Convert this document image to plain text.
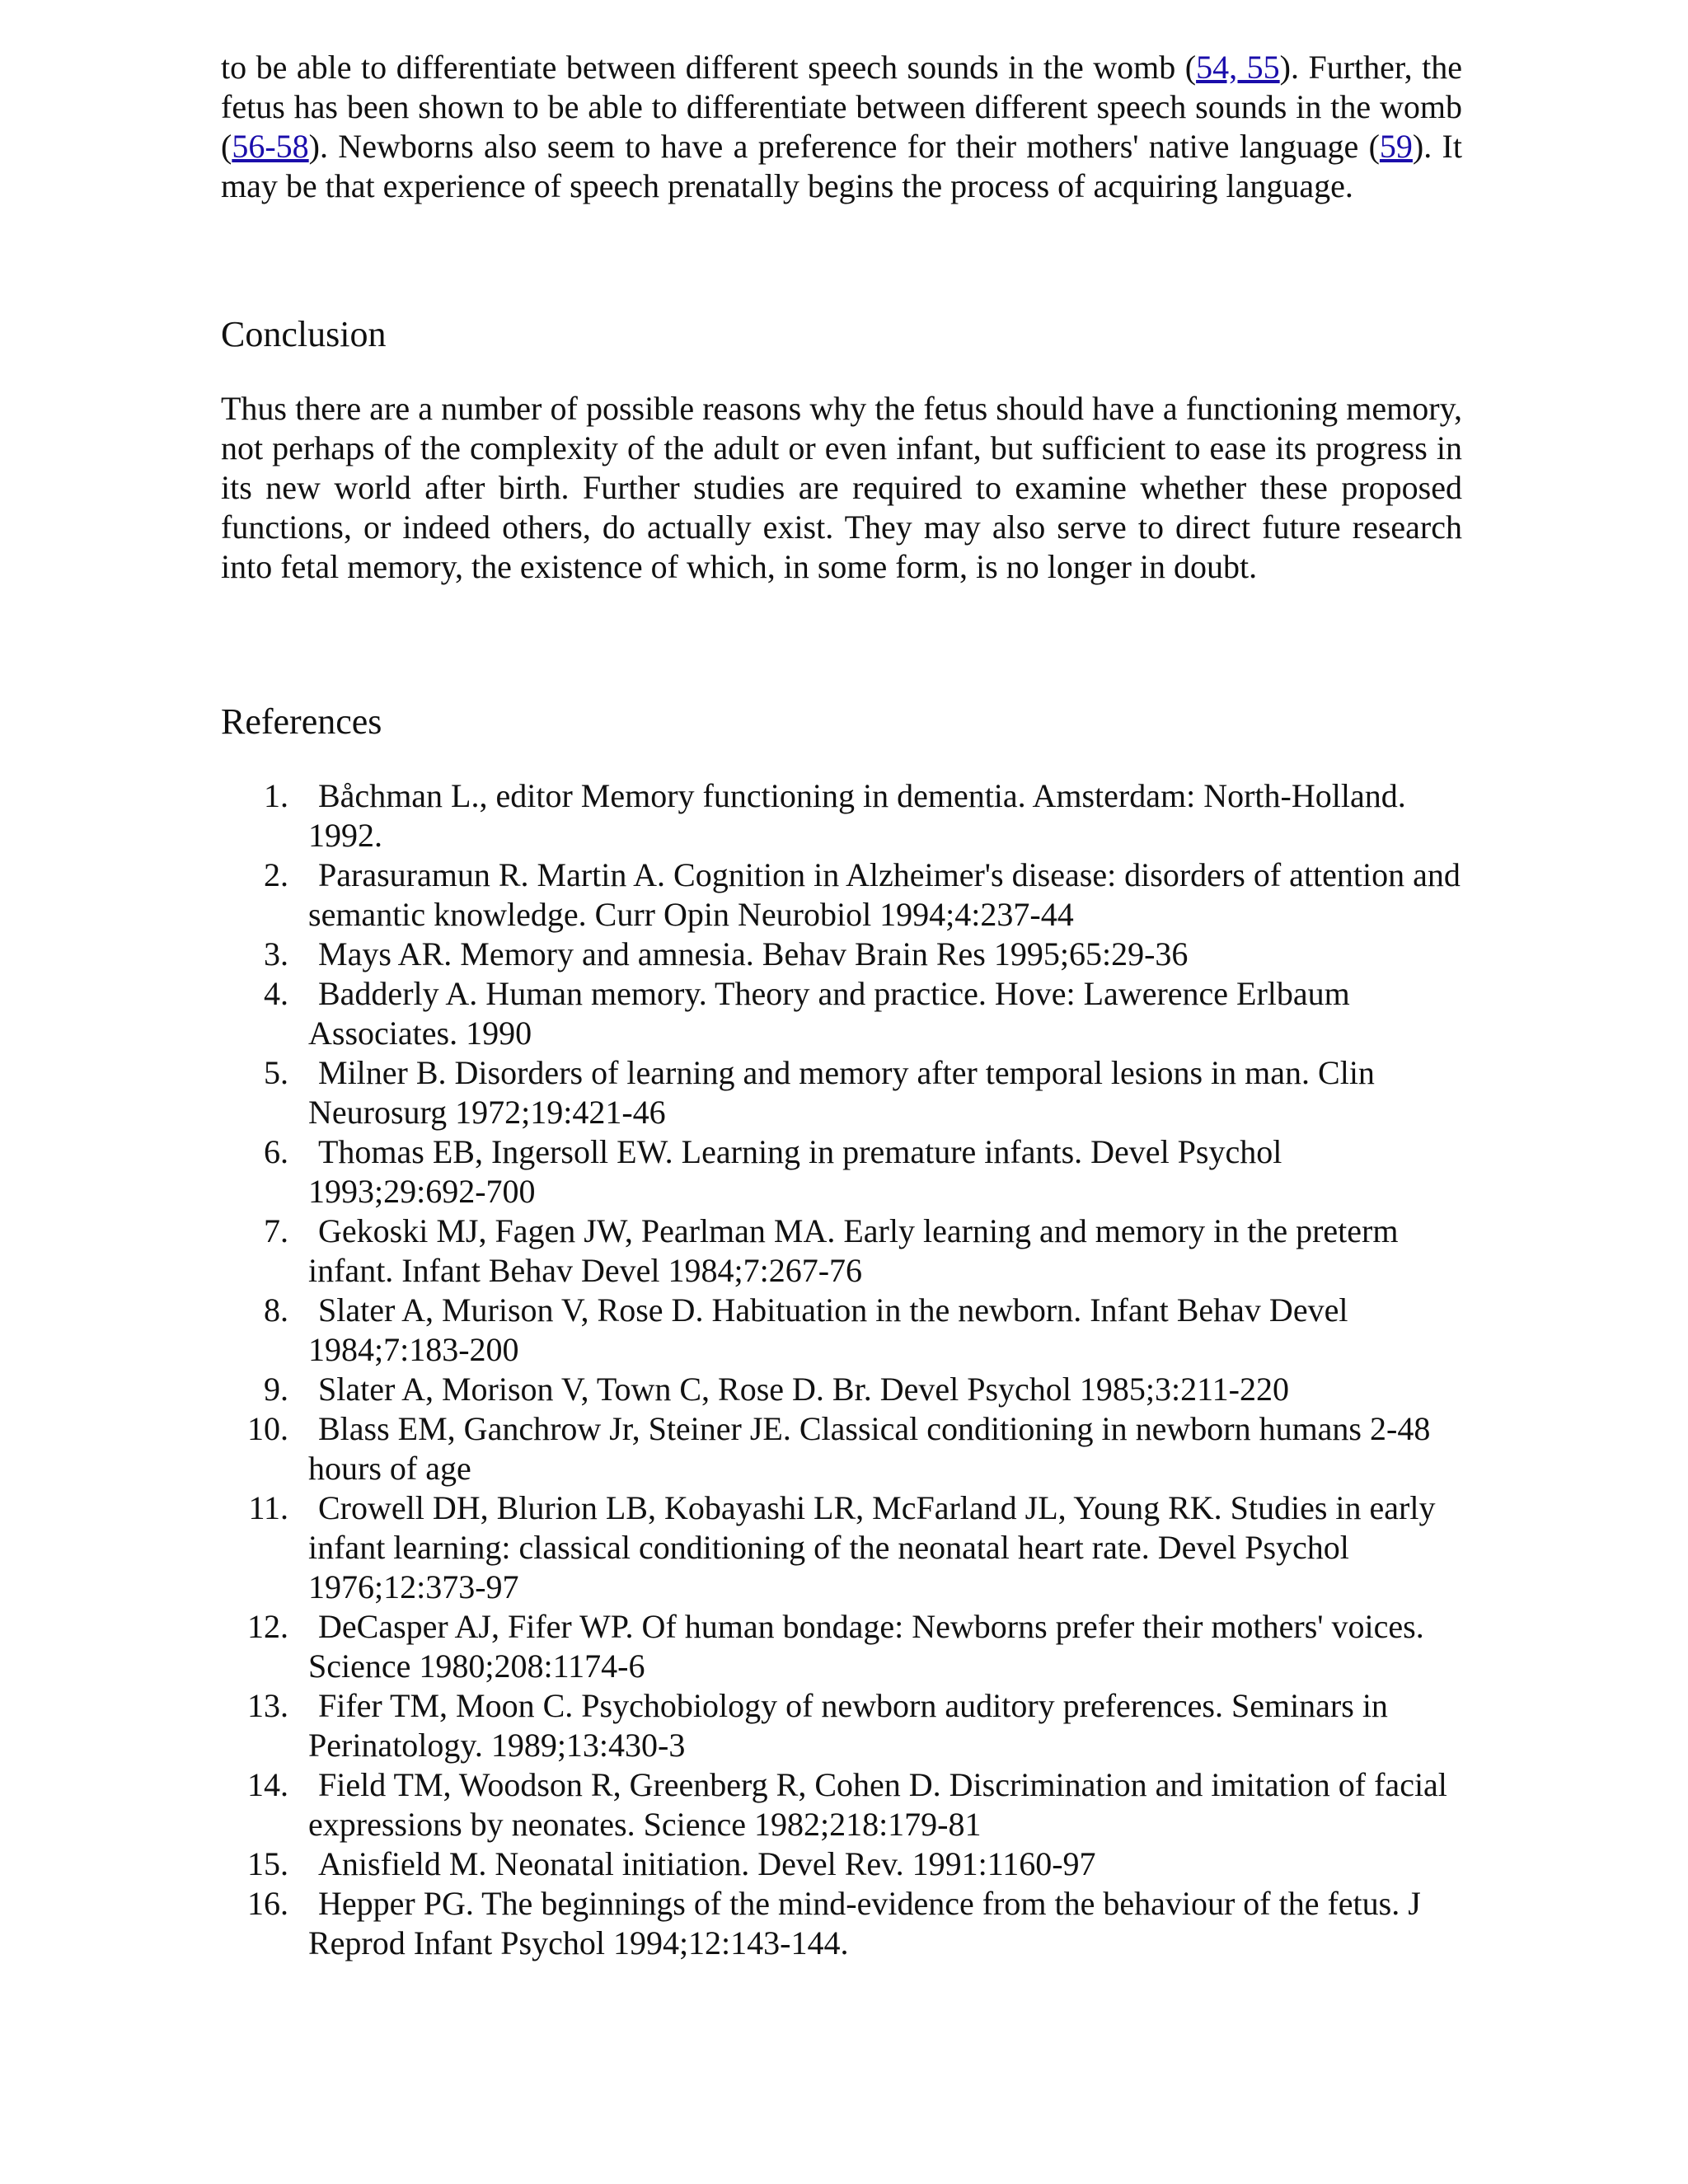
to be able to differentiate between different speech sounds in the womb (54, 55). Further, the fetus has been shown to be able to differentiate between different speech sounds in the womb (56-58). Newborns also seem to have a preference for their mothers' native language (59). It may be that experience of speech prenatally begins the process of acquiring language.

Conclusion

Thus there are a number of possible reasons why the fetus should have a functioning memory, not perhaps of the complexity of the adult or even infant, but sufficient to ease its progress in its new world after birth. Further studies are required to examine whether these proposed functions, or indeed others, do actually exist. They may also serve to direct future research into fetal memory, the existence of which, in some form, is no longer in doubt.

References
1. Båchman L., editor Memory functioning in dementia. Amsterdam: North-Holland. 1992.
2. Parasuramun R. Martin A. Cognition in Alzheimer's disease: disorders of attention and semantic knowledge. Curr Opin Neurobiol 1994;4:237-44
3. Mays AR. Memory and amnesia. Behav Brain Res 1995;65:29-36
4. Badderly A. Human memory. Theory and practice. Hove: Lawerence Erlbaum Associates. 1990
5. Milner B. Disorders of learning and memory after temporal lesions in man. Clin Neurosurg 1972;19:421-46
6. Thomas EB, Ingersoll EW. Learning in premature infants. Devel Psychol 1993;29:692-700
7. Gekoski MJ, Fagen JW, Pearlman MA. Early learning and memory in the preterm infant. Infant Behav Devel 1984;7:267-76
8. Slater A, Murison V, Rose D. Habituation in the newborn. Infant Behav Devel 1984;7:183-200
9. Slater A, Morison V, Town C, Rose D. Br. Devel Psychol 1985;3:211-220
10. Blass EM, Ganchrow Jr, Steiner JE. Classical conditioning in newborn humans 2-48 hours of age
11. Crowell DH, Blurion LB, Kobayashi LR, McFarland JL, Young RK. Studies in early infant learning: classical conditioning of the neonatal heart rate. Devel Psychol 1976;12:373-97
12. DeCasper AJ, Fifer WP. Of human bondage: Newborns prefer their mothers' voices. Science 1980;208:1174-6
13. Fifer TM, Moon C. Psychobiology of newborn auditory preferences. Seminars in Perinatology. 1989;13:430-3
14. Field TM, Woodson R, Greenberg R, Cohen D. Discrimination and imitation of facial expressions by neonates. Science 1982;218:179-81
15. Anisfield M. Neonatal initiation. Devel Rev. 1991:1160-97
16. Hepper PG. The beginnings of the mind-evidence from the behaviour of the fetus. J Reprod Infant Psychol 1994;12:143-144.
